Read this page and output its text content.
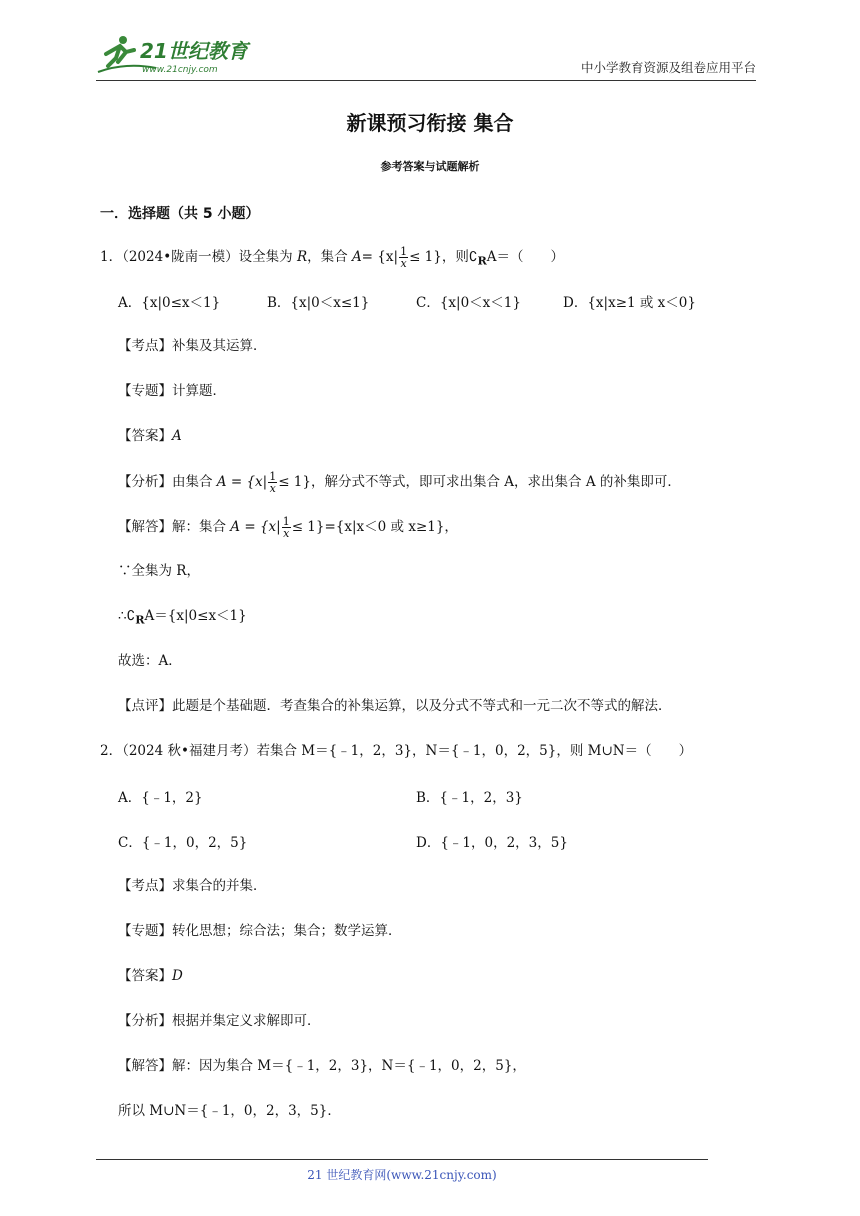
21世纪教育
www.21cnjy.com	中小学教育资源及组卷应用平台
新课预习衔接 集合
参考答案与试题解析
一．选择题（共 5 小题）
1．（2024•陇南一模）设全集为 R，集合 $A= \{x| \frac{1}{x} \le 1\}$，则$∁_RA=$（　　）
A．{x|0≤x＜1}	B．{x|0＜x≤1}	C．{x|0＜x＜1}	D．{x|x≥1 或 x＜0}
【考点】补集及其运算．
【专题】计算题．
【答案】A
【分析】由集合 $A = \{x| \frac{1}{x} \le 1\}$，解分式不等式，即可求出集合 A，求出集合 A 的补集即可．
【解答】解：集合 $A = \{x| \frac{1}{x} \le 1\}=\{x|x<0$ 或 x≥1}，
∵全集为 R，
$\therefore∁_RA=\{x|0\le x<1\}$
故选：A．
【点评】此题是个基础题．考查集合的补集运算，以及分式不等式和一元二次不等式的解法．
2．（2024 秋•福建月考）若集合 M＝{﹣1，2，3}，N＝{﹣1，0，2，5}，则 M∪N＝（　　）
A．{﹣1，2}	B．{﹣1，2，3}
C．{﹣1，0，2，5}	D．{﹣1，0，2，3，5}
【考点】求集合的并集．
【专题】转化思想；综合法；集合；数学运算．
【答案】D
【分析】根据并集定义求解即可．
【解答】解：因为集合 M＝{﹣1，2，3}，N＝{﹣1，0，2，5}，
所以 M∪N＝{﹣1，0，2，3，5}．
21 世纪教育网(www.21cnjy.com)
